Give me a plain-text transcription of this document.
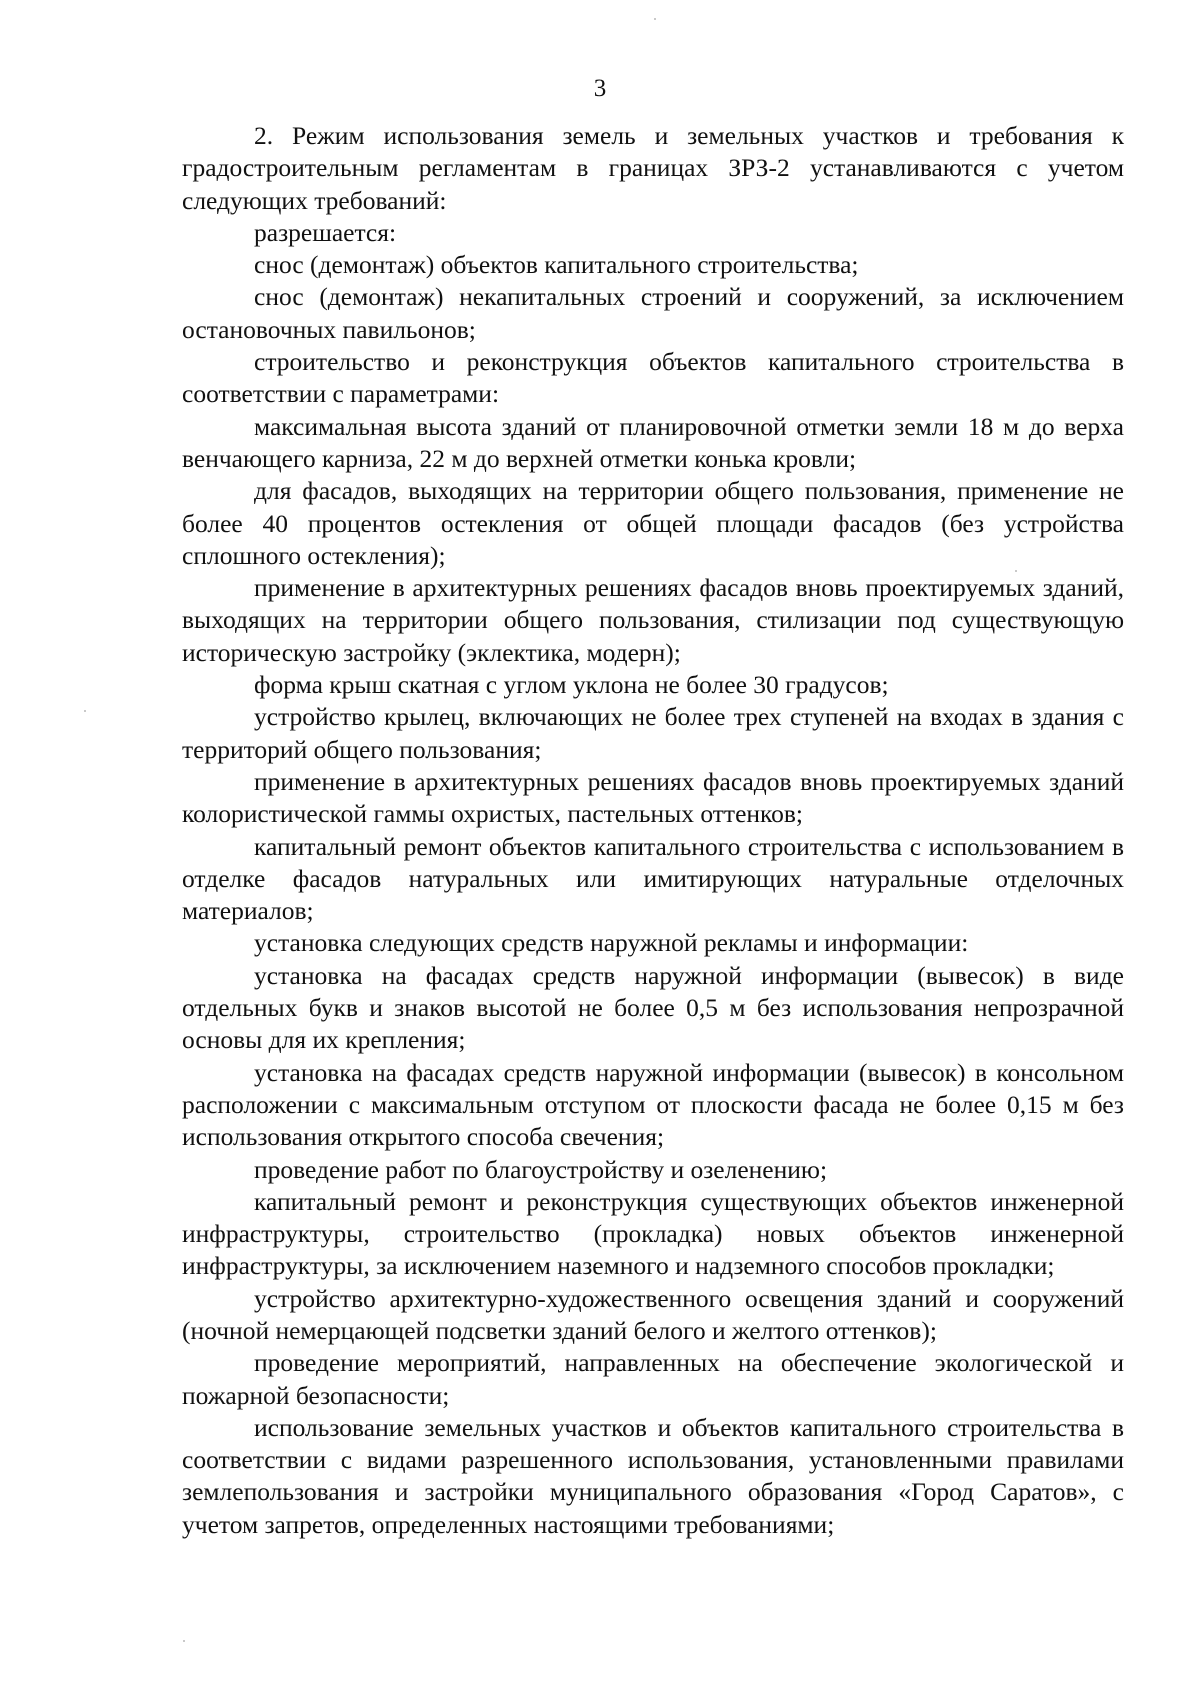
3

2. Режим использования земель и земельных участков и требования к градостроительным регламентам в границах ЗРЗ-2 устанавливаются с учетом следующих требований:

разрешается:

снос (демонтаж) объектов капитального строительства;

снос (демонтаж) некапитальных строений и сооружений, за исключением остановочных павильонов;

строительство и реконструкция объектов капитального строительства в соответствии с параметрами:

максимальная высота зданий от планировочной отметки земли 18 м до верха венчающего карниза, 22 м до верхней отметки конька кровли;

для фасадов, выходящих на территории общего пользования, применение не более 40 процентов остекления от общей площади фасадов (без устройства сплошного остекления);

применение в архитектурных решениях фасадов вновь проектируемых зданий, выходящих на территории общего пользования, стилизации под существующую историческую застройку (эклектика, модерн);

форма крыш скатная с углом уклона не более 30 градусов;

устройство крылец, включающих не более трех ступеней на входах в здания с территорий общего пользования;

применение в архитектурных решениях фасадов вновь проектируемых зданий колористической гаммы охристых, пастельных оттенков;

капитальный ремонт объектов капитального строительства с использованием в отделке фасадов натуральных или имитирующих натуральные отделочных материалов;

установка следующих средств наружной рекламы и информации:

установка на фасадах средств наружной информации (вывесок) в виде отдельных букв и знаков высотой не более 0,5 м без использования непрозрачной основы для их крепления;

установка на фасадах средств наружной информации (вывесок) в консольном расположении с максимальным отступом от плоскости фасада не более 0,15 м без использования открытого способа свечения;

проведение работ по благоустройству и озеленению;

капитальный ремонт и реконструкция существующих объектов инженерной инфраструктуры, строительство (прокладка) новых объектов инженерной инфраструктуры, за исключением наземного и надземного способов прокладки;

устройство архитектурно-художественного освещения зданий и сооружений (ночной немерцающей подсветки зданий белого и желтого оттенков);

проведение мероприятий, направленных на обеспечение экологической и пожарной безопасности;

использование земельных участков и объектов капитального строительства в соответствии с видами разрешенного использования, установленными правилами землепользования и застройки муниципального образования «Город Саратов», с учетом запретов, определенных настоящими требованиями;
